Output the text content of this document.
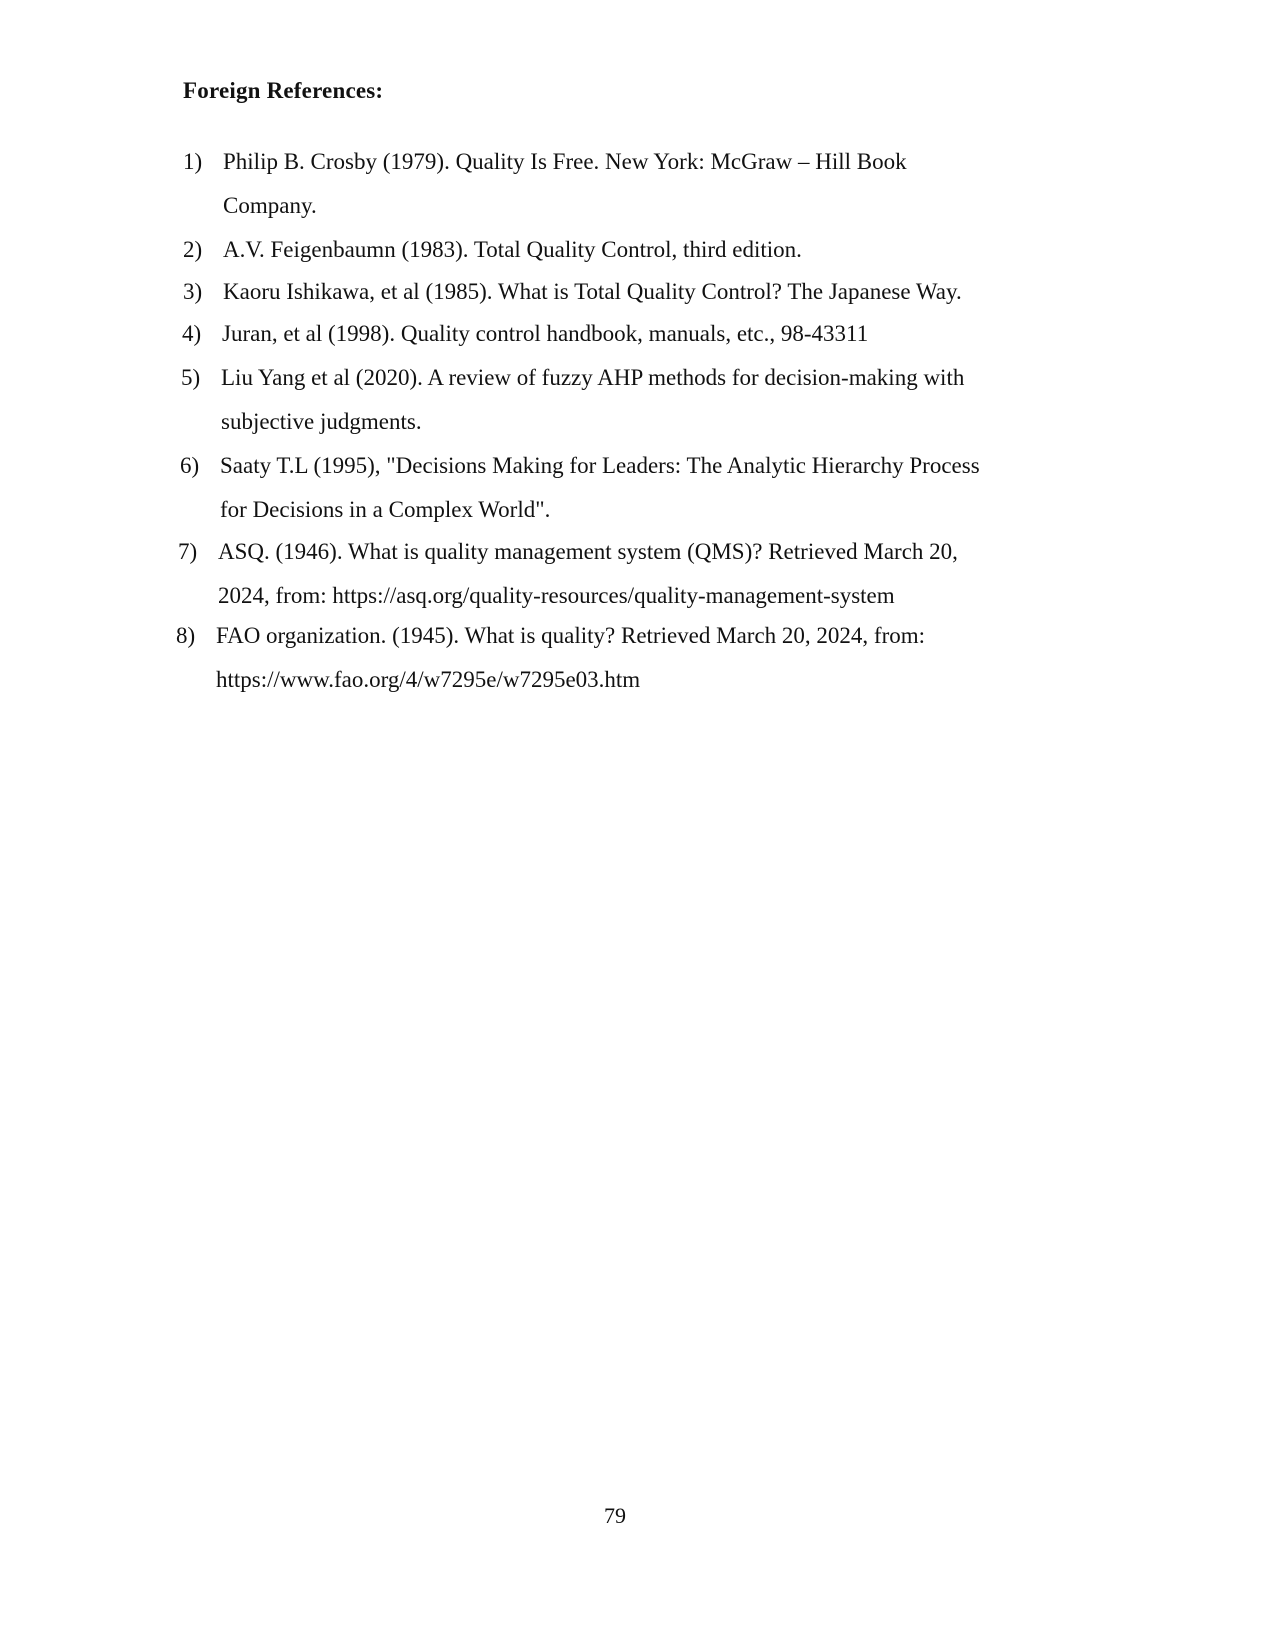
Foreign References:
1) Philip B. Crosby (1979). Quality Is Free. New York: McGraw – Hill Book
Company.
2) A.V. Feigenbaumn (1983). Total Quality Control, third edition.
3) Kaoru Ishikawa, et al (1985). What is Total Quality Control? The Japanese Way.
4) Juran, et al (1998). Quality control handbook, manuals, etc., 98-43311
5) Liu Yang et al (2020). A review of fuzzy AHP methods for decision-making with
subjective judgments.
6) Saaty T.L (1995), "Decisions Making for Leaders: The Analytic Hierarchy Process
for Decisions in a Complex World".
7) ASQ. (1946). What is quality management system (QMS)? Retrieved March 20,
2024, from: https://asq.org/quality-resources/quality-management-system
8) FAO organization. (1945). What is quality? Retrieved March 20, 2024, from:
https://www.fao.org/4/w7295e/w7295e03.htm
79
